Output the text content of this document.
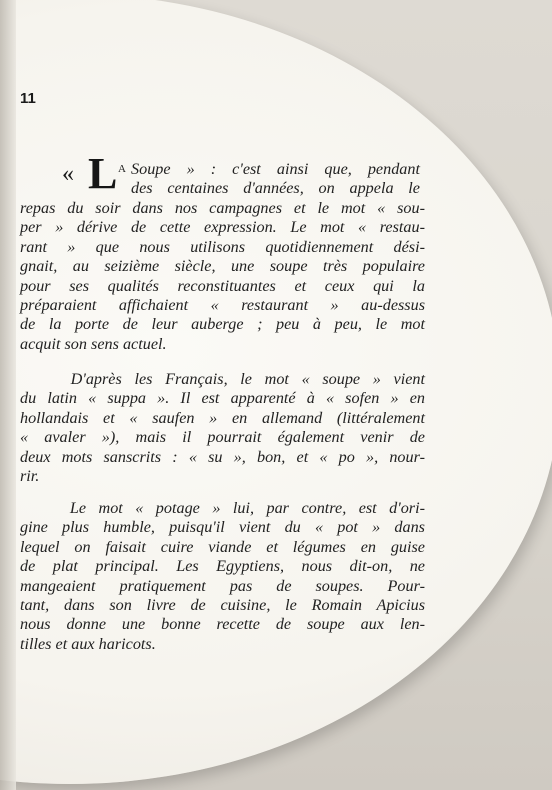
11
« L A Soupe » : c'est ainsi que, pendant
des centaines d'années, on appela le

repas du soir dans nos campagnes et le mot « sou-
per » dérive de cette expression. Le mot « restau-
rant » que nous utilisons quotidiennement dési-
gnait, au seizième siècle, une soupe très populaire
pour ses qualités reconstituantes et ceux qui la
préparaient affichaient « restaurant » au-dessus
de la porte de leur auberge ; peu à peu, le mot
acquit son sens actuel.

D'après les Français, le mot « soupe » vient
du latin « suppa ». Il est apparenté à « sofen » en
hollandais et « saufen » en allemand (littéralement
« avaler »), mais il pourrait également venir de
deux mots sanscrits : « su », bon, et « po », nour-
rir.

Le mot « potage » lui, par contre, est d'ori-
gine plus humble, puisqu'il vient du « pot » dans
lequel on faisait cuire viande et légumes en guise
de plat principal. Les Egyptiens, nous dit-on, ne
mangeaient pratiquement pas de soupes. Pour-
tant, dans son livre de cuisine, le Romain Apicius
nous donne une bonne recette de soupe aux len-
tilles et aux haricots.
